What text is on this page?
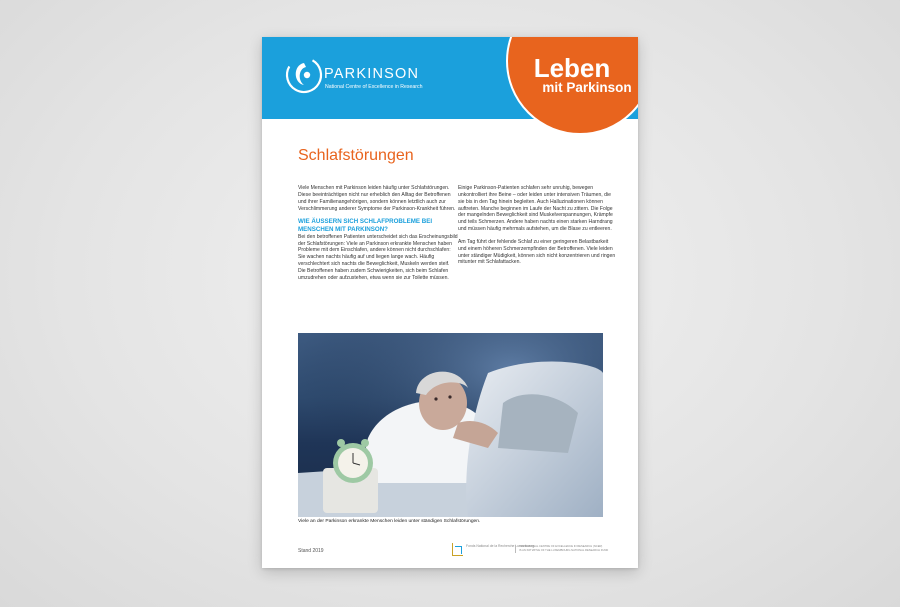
PARKINSON
National Centre of Excellence in Research
Leben
mit Parkinson
Schlafstörungen

Viele Menschen mit Parkinson leiden häufig unter Schlafstörungen. Diese beeinträchtigen nicht nur erheblich den Alltag der Betroffenen und ihrer Familienangehörigen, sondern können letztlich auch zur Verschlimmerung anderer Symptome der Parkinson-Krankheit führen.

WIE ÄUSSERN SICH SCHLAFPROBLEME BEI MENSCHEN MIT PARKINSON?

Bei den betroffenen Patienten unterscheidet sich das Erscheinungsbild der Schlafstörungen: Viele an Parkinson erkrankte Menschen haben Probleme mit dem Einschlafen, andere können nicht durchschlafen: Sie wachen nachts häufig auf und liegen lange wach. Häufig verschlechtert sich nachts die Beweglichkeit, Muskeln werden steif. Die Betroffenen haben zudem Schwierigkeiten, sich beim Schlafen umzudrehen oder aufzustehen, etwa wenn sie zur Toilette müssen.

Einige Parkinson-Patienten schlafen sehr unruhig, bewegen unkontrolliert ihre Beine – oder leiden unter intensiven Träumen, die sie bis in den Tag hinein begleiten. Auch Halluzinationen können auftreten. Manche beginnen im Laufe der Nacht zu zittern. Die Folge der mangelnden Beweglichkeit sind Muskelverspannungen, Krämpfe und teils Schmerzen. Andere haben nachts einen starken Harndrang und müssen häufig mehrmals aufstehen, um die Blase zu entleeren.

Am Tag führt der fehlende Schlaf zu einer geringeren Belastbarkeit und einem höheren Schmerzempfinden der Betroffenen. Viele leiden unter ständiger Müdigkeit, können sich nicht konzentrieren und ringen mitunter mit Schlafattacken.

Viele an der Parkinson erkrankte Menschen leiden unter ständigen Schlafstörungen.
Stand 2019
Fonds National de la Recherche Luxembourg
THE NATIONAL CENTRE OF EXCELLENCE IN RESEARCH (NCER)
IS AN INITIATIVE OF THE LUXEMBOURG NATIONAL RESEARCH FUND
